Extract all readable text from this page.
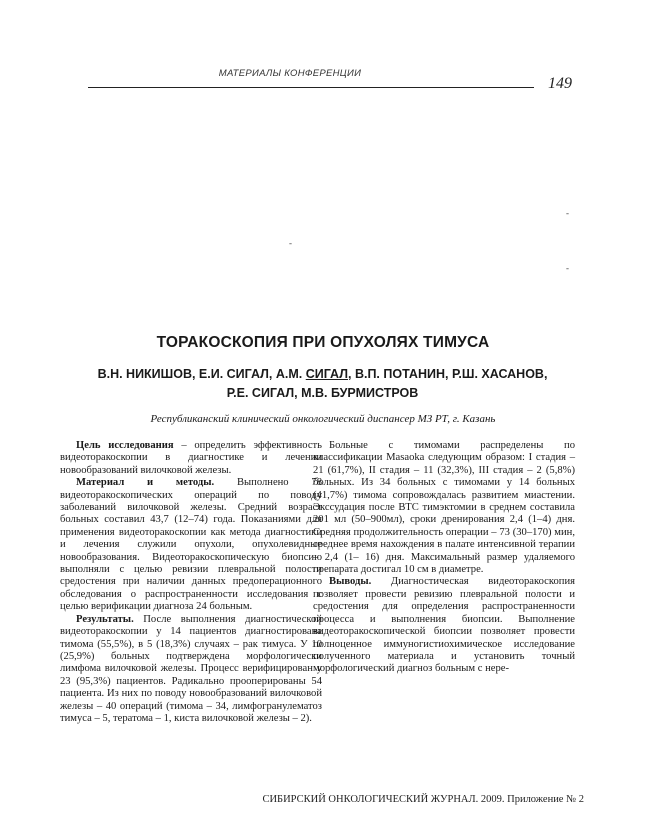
МАТЕРИАЛЫ КОНФЕРЕНЦИИ
149
-
-
-
ТОРАКОСКОПИЯ ПРИ ОПУХОЛЯХ ТИМУСА
В.Н. НИКИШОВ, Е.И. СИГАЛ, А.М. СИГАЛ, В.П. ПОТАНИН, Р.Ш. ХАСАНОВ,
Р.Е. СИГАЛ, М.В. БУРМИСТРОВ
Республиканский клинический онкологический диспансер МЗ РТ, г. Казань

Цель исследования – определить эффективность видеоторакоскопии в диагностике и лечении новообразований вилочковой железы.

Материал и методы. Выполнено 78 видеоторакоскопических операций по поводу заболеваний вилочковой железы. Средний возраст больных составил 43,7 (12–74) года. Показаниями для применения видеоторакоскопии как метода диагностики и лечения служили опухоли, опухолевидные новообразования. Видеоторакоскопическую биопсию выполняли с целью ревизии плевральной полости средостения при наличии данных предоперационного обследования о распространенности исследования с целью верификации диагноза 24 больным.

Результаты. После выполнения диагностической видеоторакоскопии у 14 пациентов диагностирована тимома (55,5%), в 5 (18,3%) случаях – рак тимуса. У 10 (25,9%) больных подтверждена морфологически лимфома вилочковой железы. Процесс верифицирован у 23 (95,3%) пациентов. Радикально прооперированы 54 пациента. Из них по поводу новообразований вилочковой железы – 40 операций (тимома – 34, лимфогранулематоз тимуса – 5, тератома – 1, киста вилочковой железы – 2).

Больные с тимомами распределены по классификации Masaoka следующим образом: I стадия – 21 (61,7%), II стадия – 11 (32,3%), III стадия – 2 (5,8%) больных. Из 34 больных с тимомами у 14 больных (41,7%) тимома сопровождалась развитием миастении. Экссудация после ВТС тимэктомии в среднем составила 201 мл (50–900мл), сроки дренирования 2,4 (1–4) дня. Средняя продолжительность операции – 73 (30–170) мин, среднее время нахождения в палате интенсивной терапии – 2,4 (1– 16) дня. Максимальный размер удаляемого препарата достигал 10 см в диаметре.

Выводы. Диагностическая видеоторакоскопия позволяет провести ревизию плевральной полости и средостения для определения распространенности процесса и выполнения биопсии. Выполнение видеоторакоскопической биопсии позволяет провести полноценное иммуногистиохимическое исследование полученного материала и установить точный морфологический диагноз больным с нере-

СИБИРСКИЙ ОНКОЛОГИЧЕСКИЙ ЖУРНАЛ. 2009. Приложение № 2
